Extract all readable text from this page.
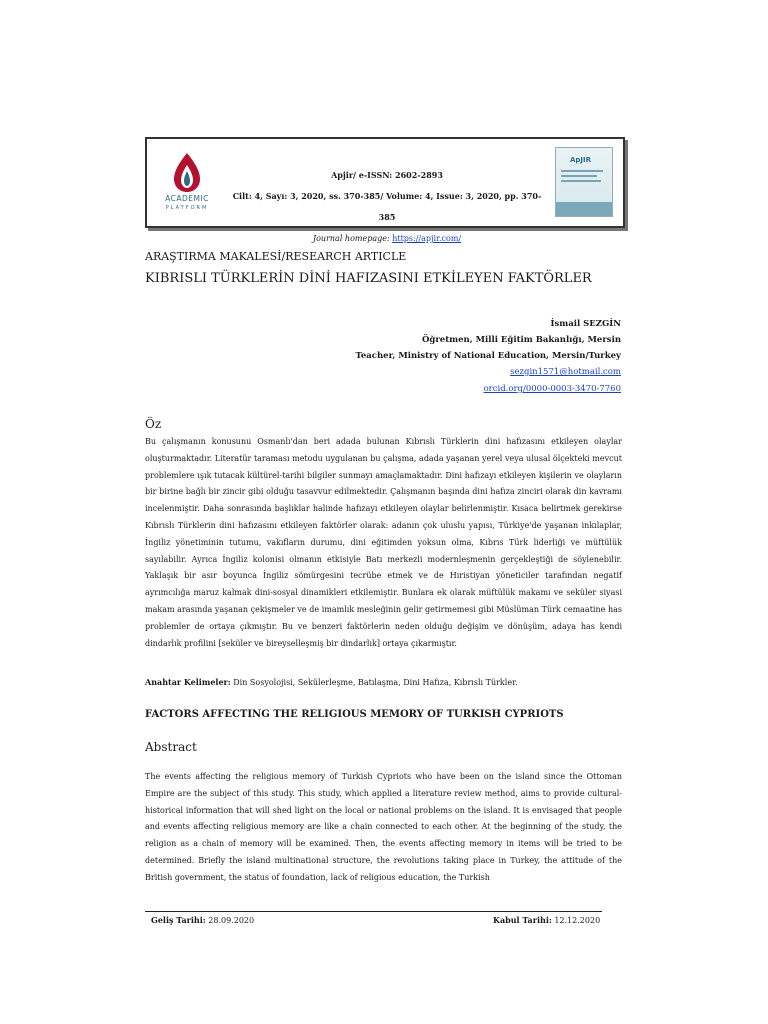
ACADEMIC
PLATFORM
Apjir/ e-ISSN: 2602-2893
Cilt: 4, Sayı: 3, 2020, ss. 370-385/ Volume: 4, Issue: 3, 2020, pp. 370-385
Journal homepage: https://apjir.com/
ApJIR
ARAŞTIRMA MAKALESİ/RESEARCH ARTICLE
KIBRISLI TÜRKLERİN DİNİ HAFIZASINI ETKİLEYEN FAKTÖRLER
İsmail SEZGİN
Öğretmen, Milli Eğitim Bakanlığı, Mersin
Teacher, Ministry of National Education, Mersin/Turkey
sezgin1571@hotmail.com
orcid.org/0000-0003-3470-7760
Öz

Bu çalışmanın konusunu Osmanlı'dan beri adada bulunan Kıbrıslı Türklerin dini hafızasını etkileyen olaylar oluşturmaktadır. Literatür taraması metodu uygulanan bu çalışma, adada yaşanan yerel veya ulusal ölçekteki mevcut problemlere ışık tutacak kültürel-tarihi bilgiler sunmayı amaçlamaktadır. Dini hafızayı etkileyen kişilerin ve olayların bir birine bağlı bir zincir gibi olduğu tasavvur edilmektedir. Çalışmanın başında dini hafıza zinciri olarak din kavramı incelenmiştir. Daha sonrasında başlıklar halinde hafızayı etkileyen olaylar belirlenmiştir. Kısaca belirtmek gerekirse Kıbrıslı Türklerin dini hafızasını etkileyen faktörler olarak: adanın çok uluslu yapısı, Türkiye'de yaşanan inkılaplar, İngiliz yönetiminin tutumu, vakıfların durumu, dini eğitimden yoksun olma, Kıbrıs Türk liderliği ve müftülük sayılabilir. Ayrıca İngiliz kolonisi olmanın etkisiyle Batı merkezli modernleşmenin gerçekleştiği de söylenebilir. Yaklaşık bir asır boyunca İngiliz sömürgesini tecrübe etmek ve de Hıristiyan yöneticiler tarafından negatif ayrımcılığa maruz kalmak dini-sosyal dinamikleri etkilemiştir. Bunlara ek olarak müftülük makamı ve seküler siyasi makam arasında yaşanan çekişmeler ve de imamlık mesleğinin gelir getirmemesi gibi Müslüman Türk cemaatine has problemler de ortaya çıkmıştır. Bu ve benzeri faktörlerin neden olduğu değişim ve dönüşüm, adaya has kendi dindarlık profilini [seküler ve bireyselleşmiş bir dindarlık] ortaya çıkarmıştır.

Anahtar Kelimeler: Din Sosyolojisi, Sekülerleşme, Batılaşma, Dini Hafıza, Kıbrıslı Türkler.
FACTORS AFFECTING THE RELIGIOUS MEMORY OF TURKISH CYPRIOTS
Abstract

The events affecting the religious memory of Turkish Cypriots who have been on the island since the Ottoman Empire are the subject of this study. This study, which applied a literature review method, aims to provide cultural-historical information that will shed light on the local or national problems on the island. It is envisaged that people and events affecting religious memory are like a chain connected to each other. At the beginning of the study, the religion as a chain of memory will be examined. Then, the events affecting memory in items will be tried to be determined. Briefly the island multinational structure, the revolutions taking place in Turkey, the attitude of the British government, the status of foundation, lack of religious education, the Turkish

Geliş Tarihi: 28.09.2020	Kabul Tarihi: 12.12.2020
